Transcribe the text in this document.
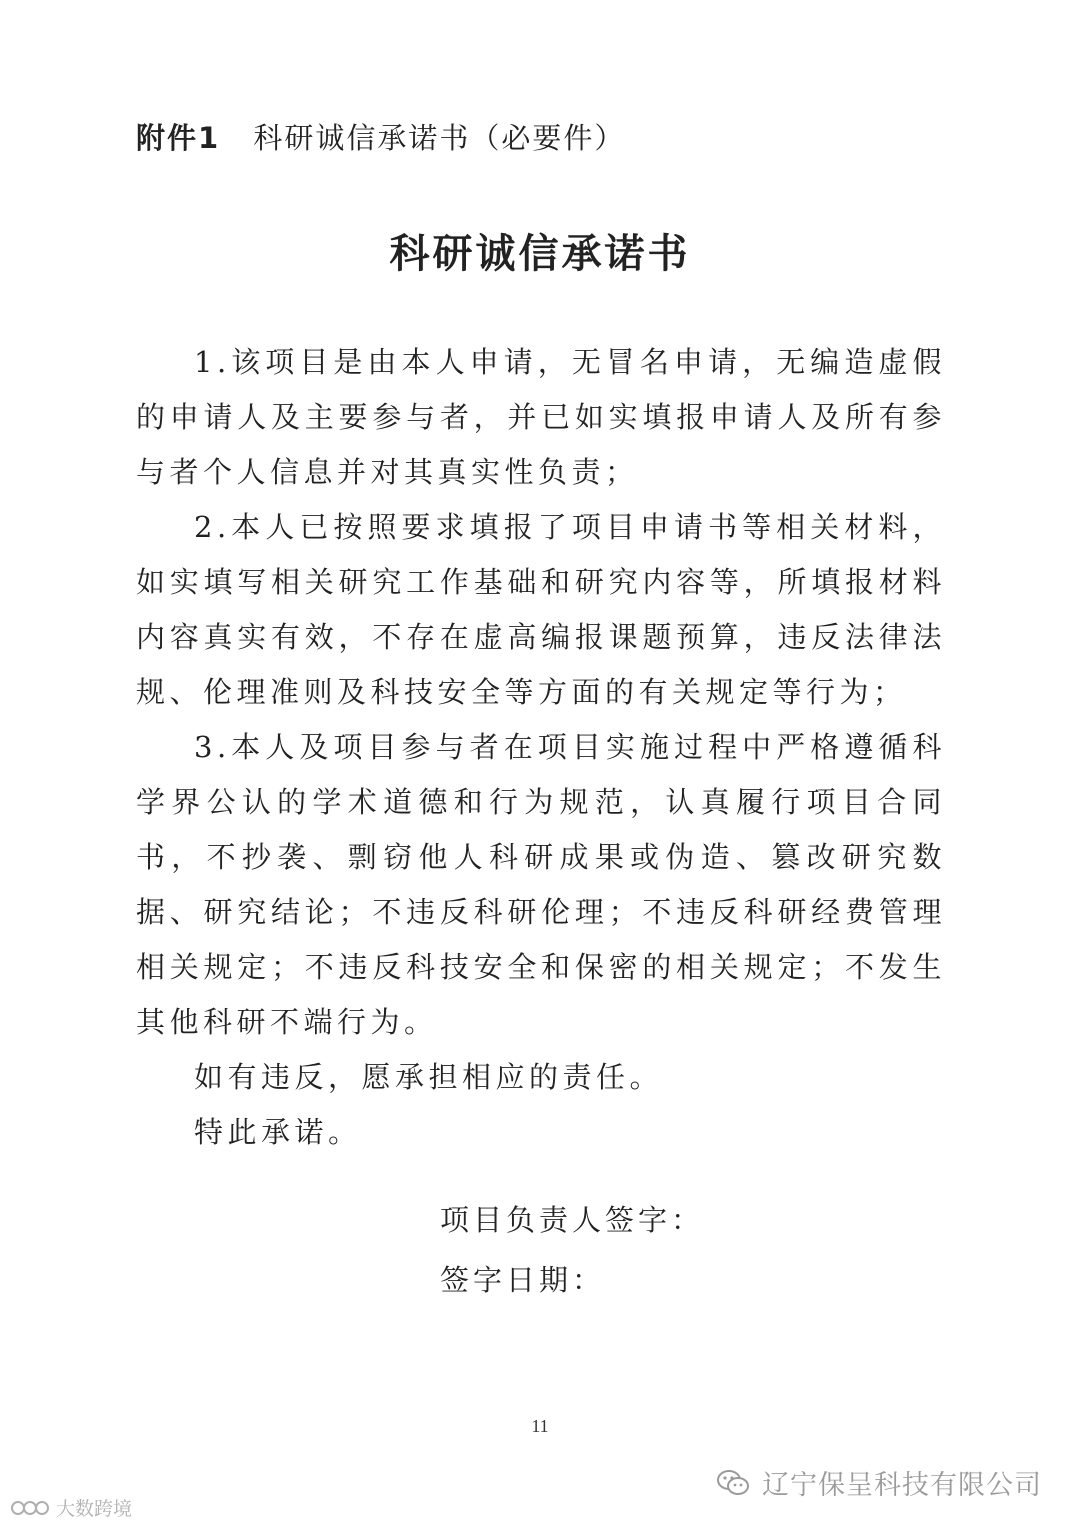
附件1 科研诚信承诺书（必要件）
科研诚信承诺书

1.该项目是由本人申请，无冒名申请，无编造虚假的申请人及主要参与者，并已如实填报申请人及所有参与者个人信息并对其真实性负责；

2.本人已按照要求填报了项目申请书等相关材料，如实填写相关研究工作基础和研究内容等，所填报材料内容真实有效，不存在虚高编报课题预算，违反法律法规、伦理准则及科技安全等方面的有关规定等行为；

3.本人及项目参与者在项目实施过程中严格遵循科学界公认的学术道德和行为规范，认真履行项目合同书，不抄袭、剽窃他人科研成果或伪造、篡改研究数据、研究结论；不违反科研伦理；不违反科研经费管理相关规定；不违反科技安全和保密的相关规定；不发生其他科研不端行为。

如有违反，愿承担相应的责任。

特此承诺。

项目负责人签字：
签字日期：
11
辽宁保呈科技有限公司
大数跨境
